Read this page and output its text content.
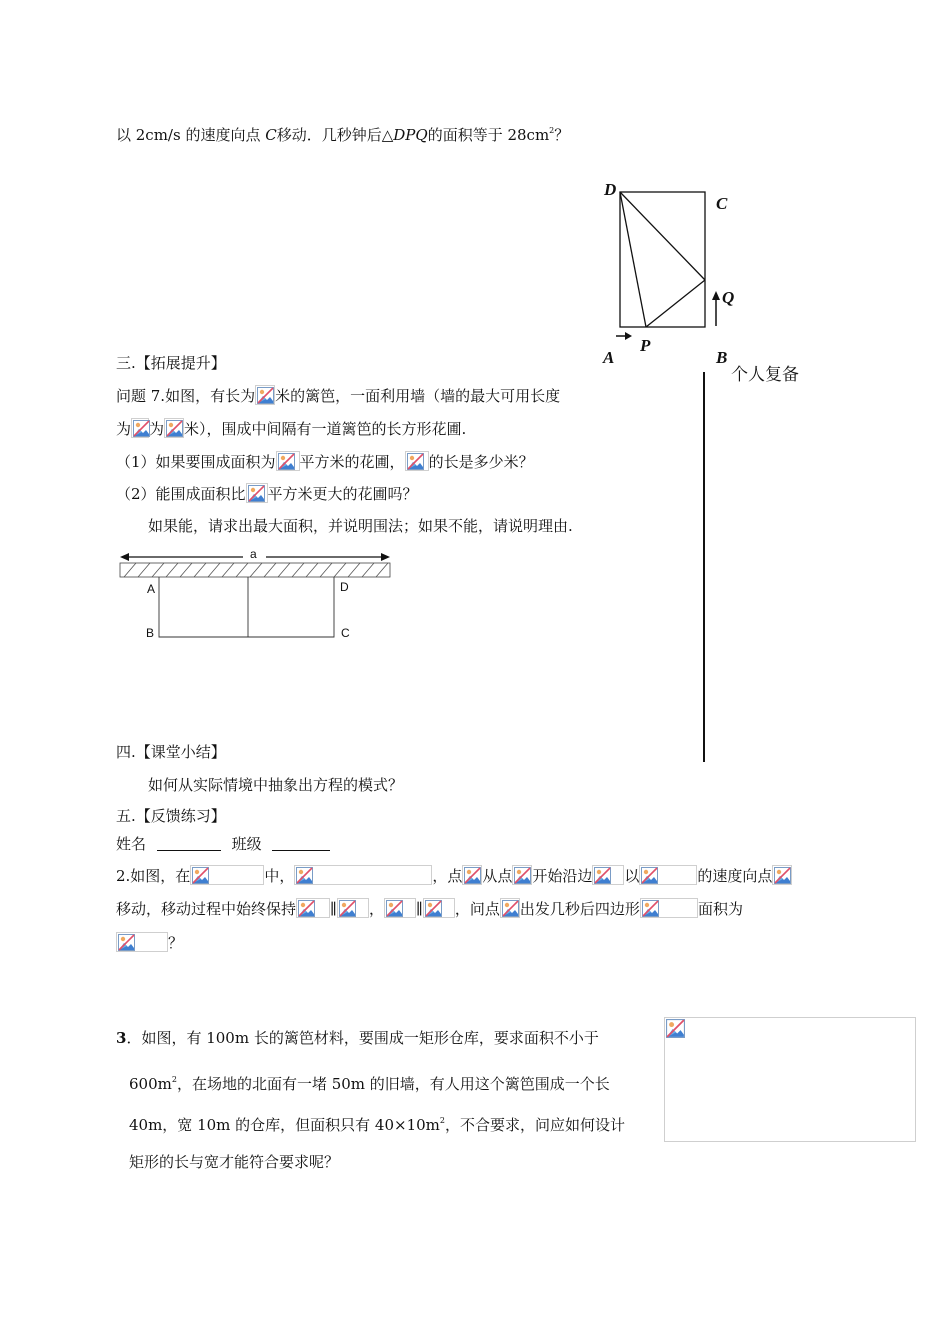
以 2cm/s 的速度向点 C移动．几秒钟后△DPQ的面积等于 $28cm^2$？
D
C
Q
A
P
B
个人复备
三.【拓展提升】
问题 7.如图，有长为 米的篱笆，一面利用墙（墙的最大可用长度
为 为 米），围成中间隔有一道篱笆的长方形花圃.
（1）如果要围成面积为 平方米的花圃， 的长是多少米？
（2）能围成面积比 平方米更大的花圃吗？
如果能，请求出最大面积，并说明围法；如果不能，请说明理由.
a
A
B	C
D
四.【课堂小结】
如何从实际情境中抽象出方程的模式？
五.【反馈练习】
姓名	班级
2.如图，在	中，	，点 从点 开始沿边 以	的速度向点
移动，移动过程中始终保持 ∥ ， ∥ ，问点 出发几秒后四边形	面积为
？
3．如图，有 100m 长的篱笆材料，要围成一矩形仓库，要求面积不小于
$600m^2$，在场地的北面有一堵 50m 的旧墙，有人用这个篱笆围成一个长
40m，宽 10m 的仓库，但面积只有 $40\times 10m^2$，不合要求，问应如何设计
矩形的长与宽才能符合要求呢？
